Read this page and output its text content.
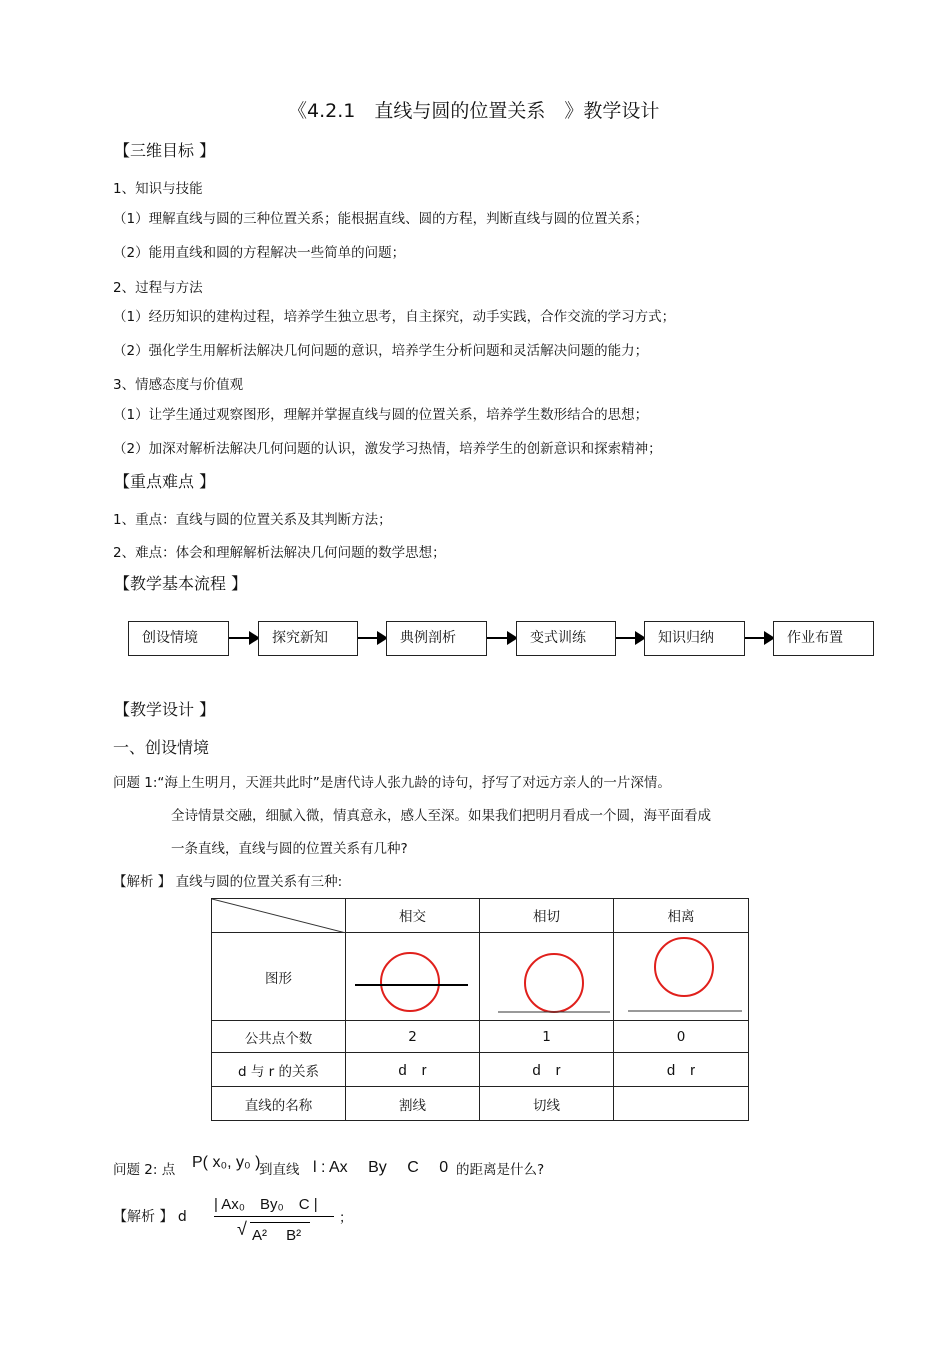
《4.2.1　直线与圆的位置关系　》教学设计
【三维目标 】
1、知识与技能
（1）理解直线与圆的三种位置关系；能根据直线、圆的方程，判断直线与圆的位置关系；
（2）能用直线和圆的方程解决一些简单的问题；
2、过程与方法
（1）经历知识的建构过程，培养学生独立思考，自主探究，动手实践，合作交流的学习方式；
（2）强化学生用解析法解决几何问题的意识，培养学生分析问题和灵活解决问题的能力；
3、情感态度与价值观
（1）让学生通过观察图形，理解并掌握直线与圆的位置关系，培养学生数形结合的思想；
（2）加深对解析法解决几何问题的认识，激发学习热情，培养学生的创新意识和探索精神；
【重点难点 】
1、重点：直线与圆的位置关系及其判断方法；
2、难点：体会和理解解析法解决几何问题的数学思想；
【教学基本流程 】
创设情境	探究新知	典例剖析	变式训练	知识归纳	作业布置
【教学设计 】
一、创设情境
问题 1:“海上生明月，天涯共此时”是唐代诗人张九龄的诗句，抒写了对远方亲人的一片深情。
全诗情景交融，细腻入微，情真意永，感人至深。如果我们把明月看成一个圆，海平面看成
一条直线，直线与圆的位置关系有几种?
【解析 】 直线与圆的位置关系有三种:
	相交	相切	相离
图形	

公共点个数	2	1	0
d 与 r 的关系	d　r	d　r	d　r
直线的名称	割线	切线	
问题 2: 点 P( x₀, y₀ )
到直线 l : Ax　 By　 C　 0 的距离是什么?
【解析 】 d
| Ax₀　By₀　C |
√ A²　 B²
；
